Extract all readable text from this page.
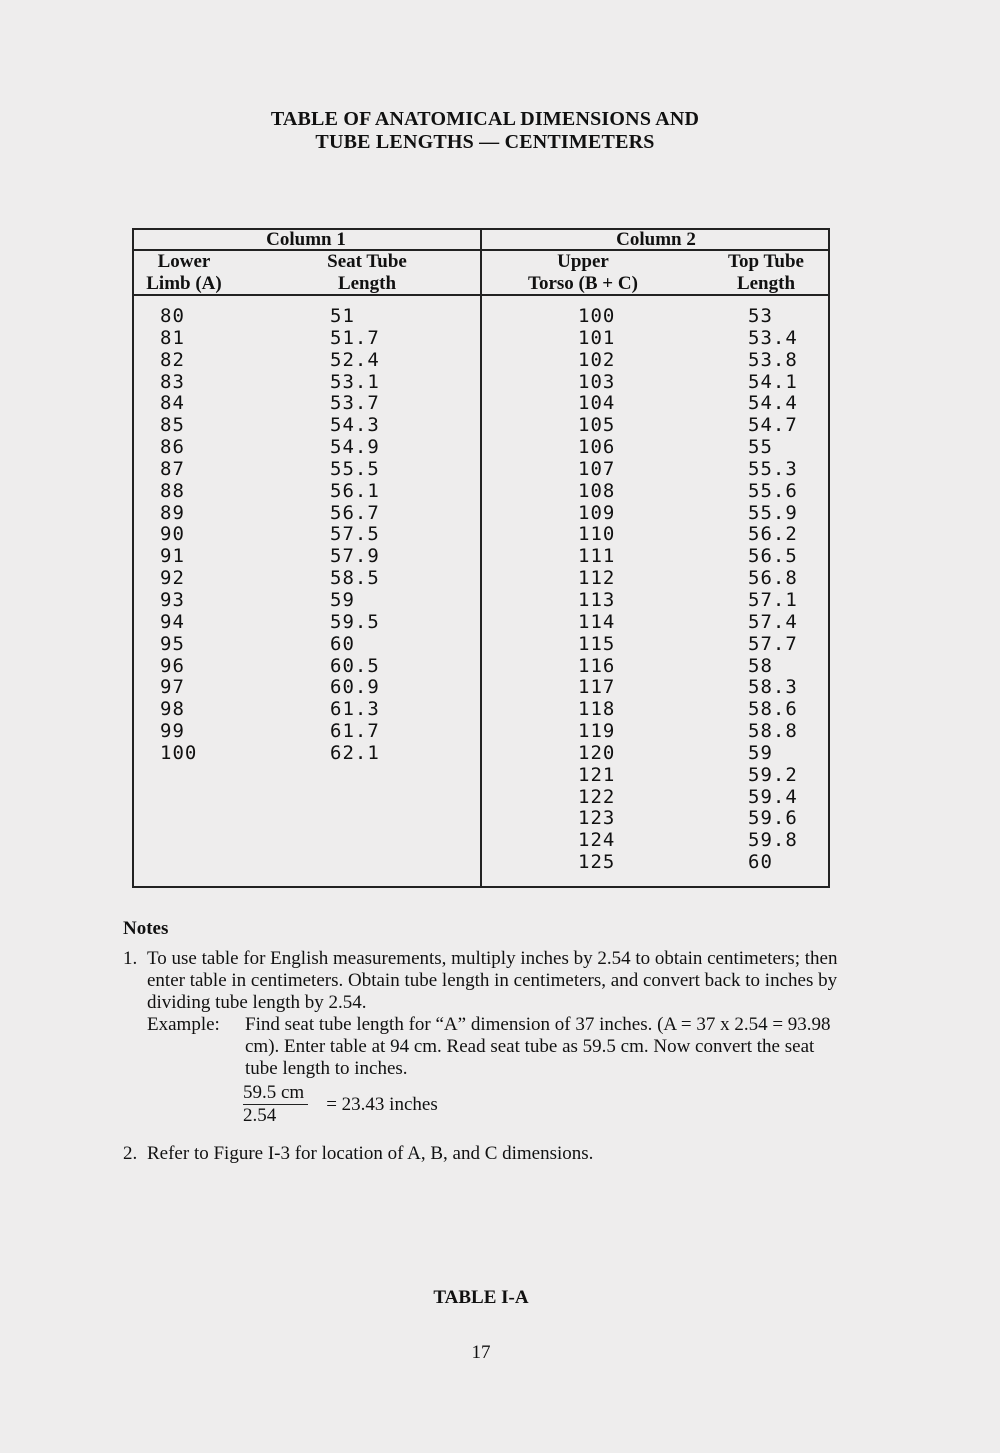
TABLE OF ANATOMICAL DIMENSIONS AND
TUBE LENGTHS — CENTIMETERS
Column 1	Column 2
Lower
Limb (A)
Seat Tube
Length
Upper
Torso (B + C)
Top Tube
Length
80
81
82
83
84
85
86
87
88
89
90
91
92
93
94
95
96
97
98
99
100
51
51.7
52.4
53.1
53.7
54.3
54.9
55.5
56.1
56.7
57.5
57.9
58.5
59
59.5
60
60.5
60.9
61.3
61.7
62.1
100
101
102
103
104
105
106
107
108
109
110
111
112
113
114
115
116
117
118
119
120
121
122
123
124
125
53
53.4
53.8
54.1
54.4
54.7
55
55.3
55.6
55.9
56.2
56.5
56.8
57.1
57.4
57.7
58
58.3
58.6
58.8
59
59.2
59.4
59.6
59.8
60
Notes
1. To use table for English measurements, multiply inches by 2.54 to obtain centimeters; then enter table in centimeters. Obtain tube length in centimeters, and convert back to inches by dividing tube length by 2.54.
Example:	Find seat tube length for “A” dimension of 37 inches. (A = 37 x 2.54 = 93.98 cm). Enter table at 94 cm. Read seat tube as 59.5 cm. Now convert the seat tube length to inches.
$\frac{59.5 cm}{2.54} = 23.43$ inches
2. Refer to Figure I-3 for location of A, B, and C dimensions.
TABLE I-A
17
